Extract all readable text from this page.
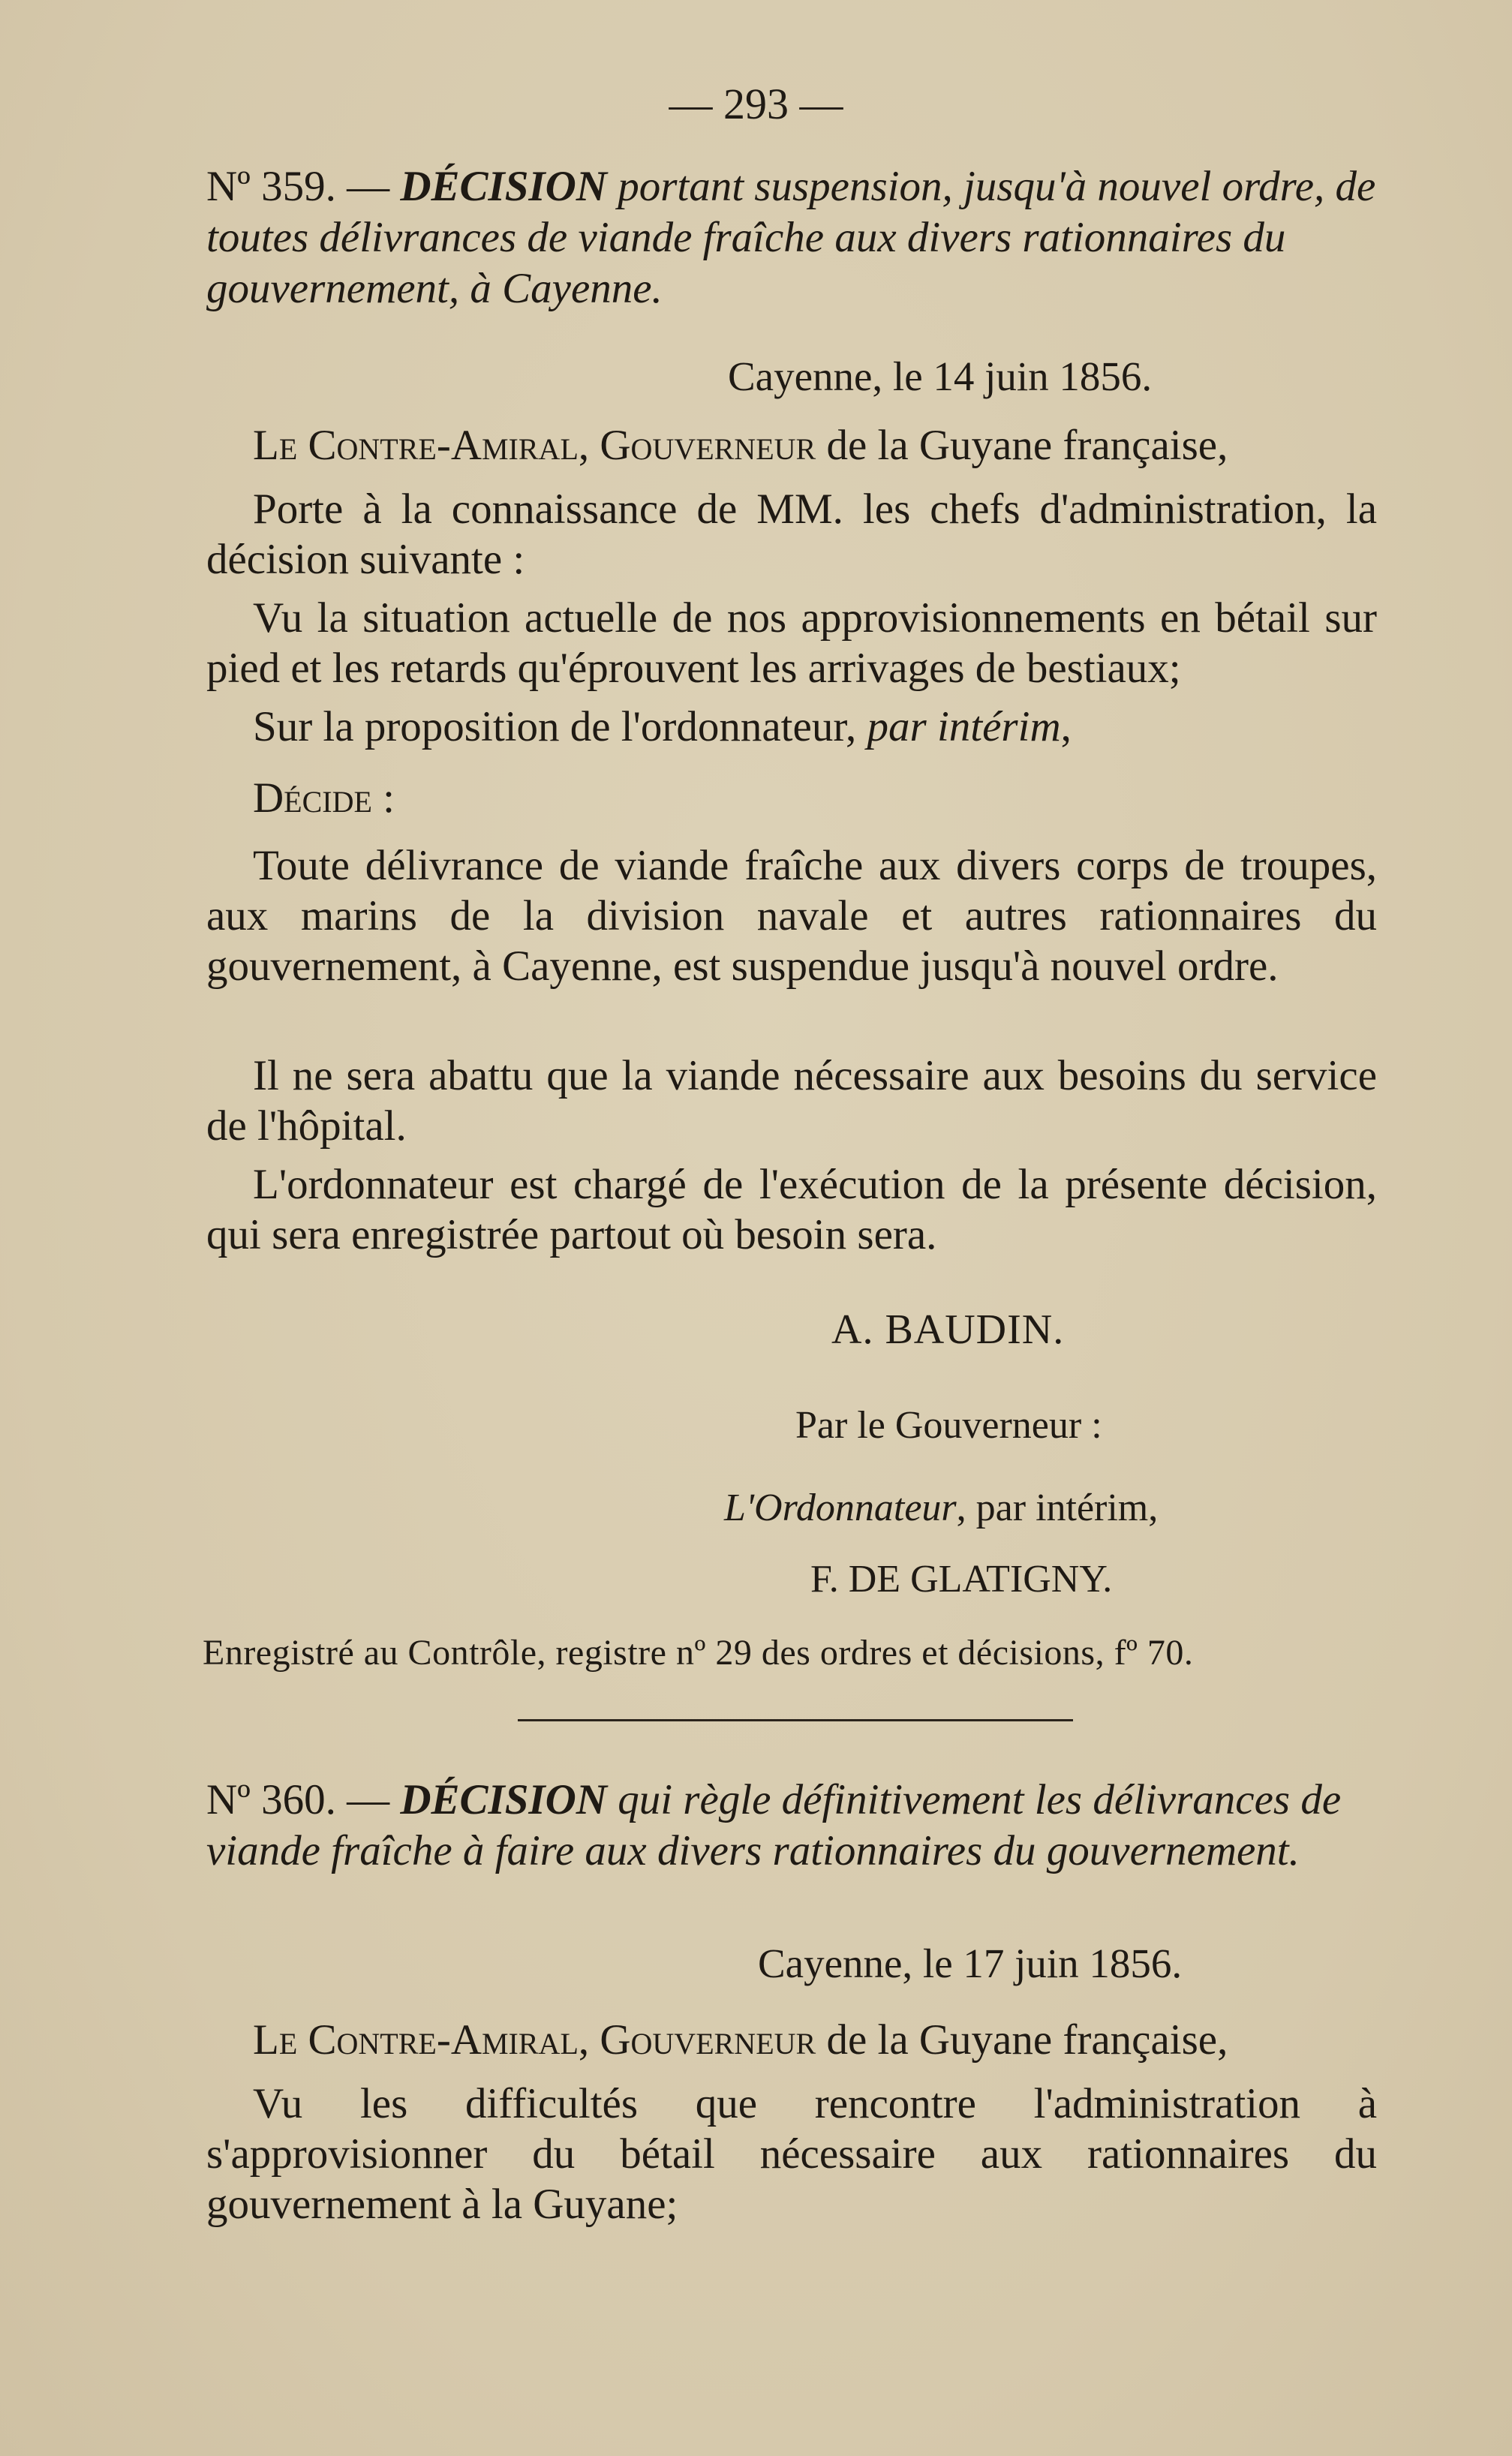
— 293 —
Nº 359. — DÉCISION portant suspension, jusqu'à nouvel ordre, de toutes délivrances de viande fraîche aux divers rationnaires du gouvernement, à Cayenne.
Cayenne, le 14 juin 1856.
Le Contre-Amiral, Gouverneur de la Guyane française,
Porte à la connaissance de MM. les chefs d'administration, la décision suivante :
Vu la situation actuelle de nos approvisionnements en bétail sur pied et les retards qu'éprouvent les arrivages de bestiaux;
Sur la proposition de l'ordonnateur, par intérim,
Décide :
Toute délivrance de viande fraîche aux divers corps de troupes, aux marins de la division navale et autres rationnaires du gouvernement, à Cayenne, est suspendue jusqu'à nouvel ordre.
Il ne sera abattu que la viande nécessaire aux besoins du service de l'hôpital.
L'ordonnateur est chargé de l'exécution de la présente décision, qui sera enregistrée partout où besoin sera.
A. BAUDIN.
Par le Gouverneur :
L'Ordonnateur, par intérim,
F. DE GLATIGNY.
Enregistré au Contrôle, registre nº 29 des ordres et décisions, fº 70.
Nº 360. — DÉCISION qui règle définitivement les délivrances de viande fraîche à faire aux divers rationnaires du gouvernement.
Cayenne, le 17 juin 1856.
Le Contre-Amiral, Gouverneur de la Guyane française,
Vu les difficultés que rencontre l'administration à s'approvisionner du bétail nécessaire aux rationnaires du gouvernement à la Guyane;
